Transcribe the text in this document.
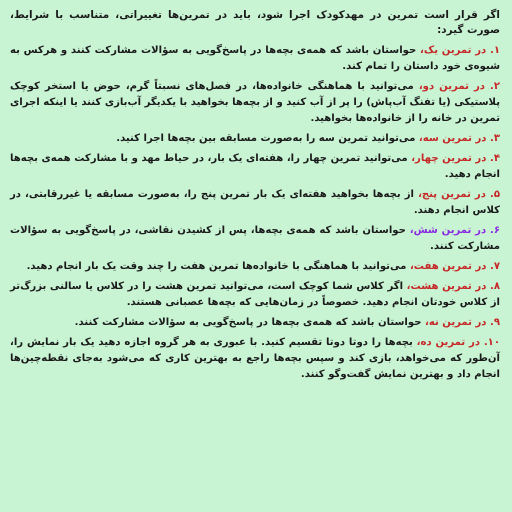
اگر قرار است تمرین در مهدکودک اجرا شود، باید در تمرین‌ها تغییراتی، متناسب با شرایط، صورت گیرد:

۱. در تمرین یک، حواستان باشد که همه‌ی بچه‌ها در پاسخ‌گویی به سؤالات مشارکت کنند و هرکس به شیوه‌ی خود داستان را تمام کند.

۲. در تمرین دو، می‌توانید با هماهنگی خانواده‌ها، در فصل‌های نسبتاً گرم، حوض یا استخر کوچک پلاستیکی (یا تفنگ آب‌پاش) را پر از آب کنید و از بچه‌ها بخواهید با یکدیگر آب‌بازی کنند یا اینکه اجرای تمرین در خانه را از خانواده‌ها بخواهید.

۳. در تمرین سه، می‌توانید تمرین سه را به‌صورت مسابقه بین بچه‌ها اجرا کنید.

۴. در تمرین چهار، می‌توانید تمرین چهار را، هفته‌ای یک بار، در حیاط مهد و با مشارکت همه‌ی بچه‌ها انجام دهید.

۵. در تمرین پنج، از بچه‌ها بخواهید هفته‌ای یک بار تمرین پنج را، به‌صورت مسابقه یا غیررقابتی، در کلاس انجام دهند.

۶. در تمرین شش، حواستان باشد که همه‌ی بچه‌ها، پس از کشیدن نقاشی، در پاسخ‌گویی به سؤالات مشارکت کنند.

۷. در تمرین هفت، می‌توانید با هماهنگی با خانواده‌ها تمرین هفت را چند وقت یک بار انجام دهید.

۸. در تمرین هشت، اگر کلاس شما کوچک است، می‌توانید تمرین هشت را در کلاس یا سالنی بزرگ‌تر از کلاس خودتان انجام دهید. خصوصاً در زمان‌هایی که بچه‌ها عصبانی هستند.

۹. در تمرین نه، حواستان باشد که همه‌ی بچه‌ها در پاسخ‌گویی به سؤالات مشارکت کنند.

۱۰. در تمرین ده، بچه‌ها را دوتا دوتا تقسیم کنید. با عبوری به هر گروه اجازه دهید یک بار نمایش را، آن‌طور که می‌خواهد، بازی کند و سپس بچه‌ها راجع به بهترین کاری که می‌شود به‌جای نقطه‌چین‌ها انجام داد و بهترین نمایش گفت‌وگو کنند.
